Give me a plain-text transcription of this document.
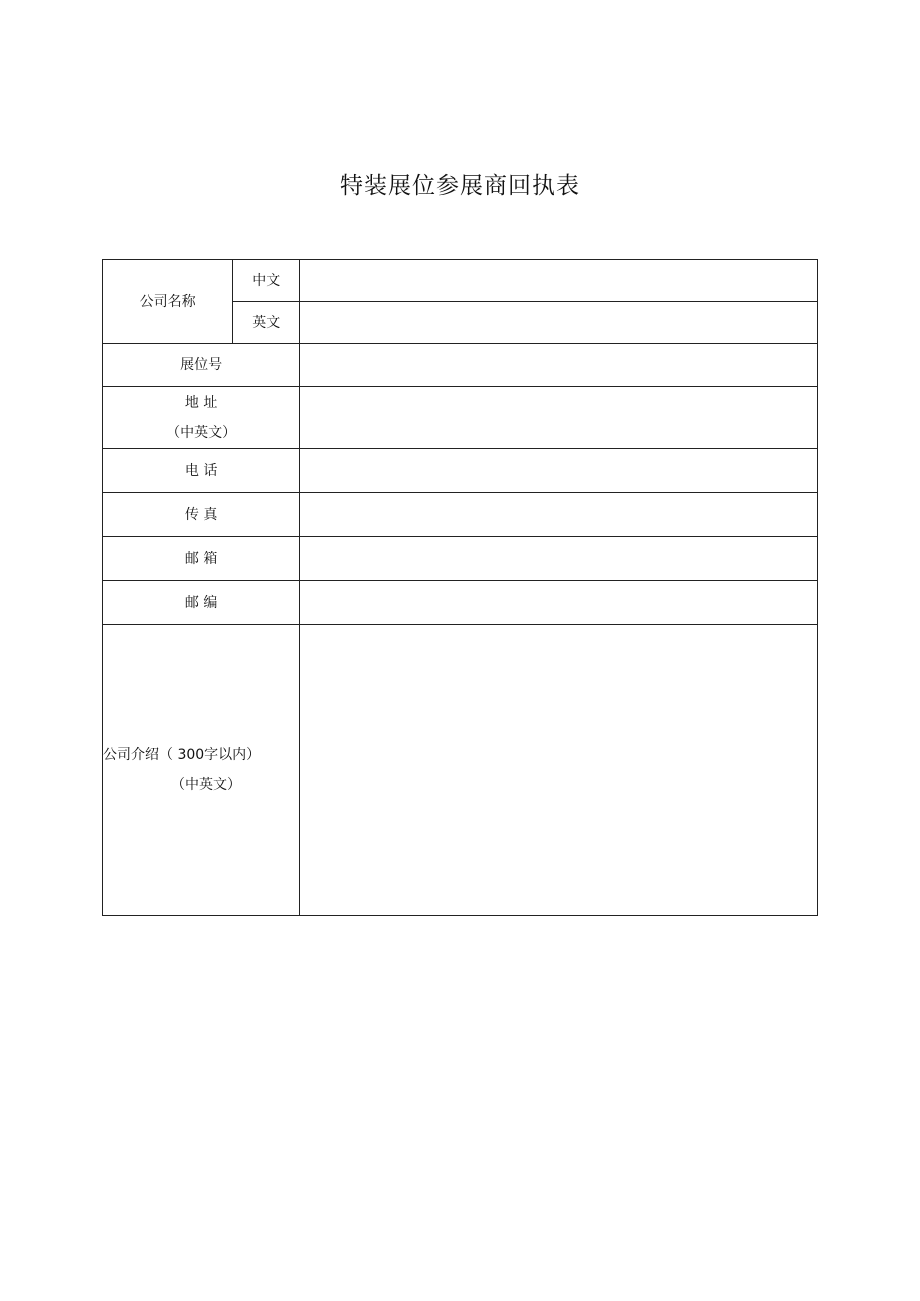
特装展位参展商回执表
公司名称	中文	
	英文	
展位号		

地 址
（中英文）		

电 话		
传 真		
邮 箱		
邮 编		

公司介绍（ 300字以内）
（中英文）		
